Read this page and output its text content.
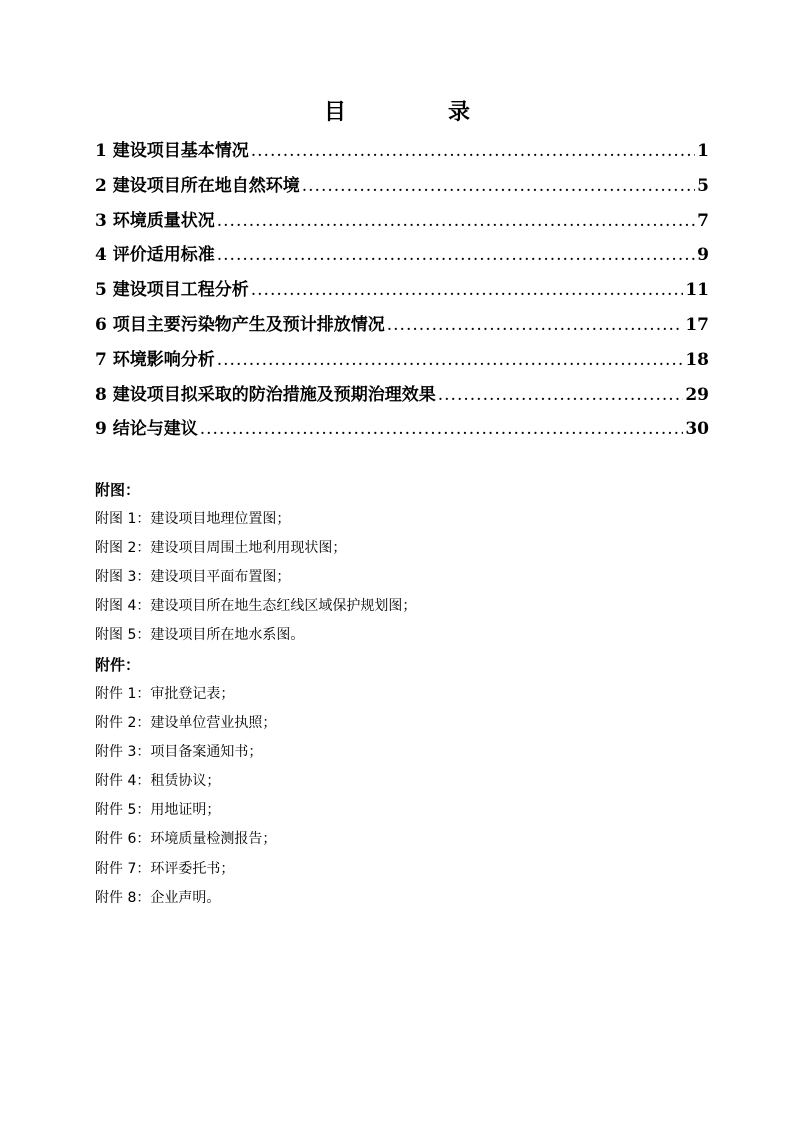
目　录
1 建设项目基本情况 .....	1
2 建设项目所在地自然环境 .....	5
3 环境质量状况 .....	7
4 评价适用标准 .....	9
5 建设项目工程分析 .....	11
6 项目主要污染物产生及预计排放情况 .....	17
7 环境影响分析 .....	18
8 建设项目拟采取的防治措施及预期治理效果 .....	29
9 结论与建议 .....	30
附图：
附图 1：建设项目地理位置图；
附图 2：建设项目周围土地利用现状图；
附图 3：建设项目平面布置图；
附图 4：建设项目所在地生态红线区域保护规划图；
附图 5：建设项目所在地水系图。
附件：
附件 1：审批登记表；
附件 2：建设单位营业执照；
附件 3：项目备案通知书；
附件 4：租赁协议；
附件 5：用地证明；
附件 6：环境质量检测报告；
附件 7：环评委托书；
附件 8：企业声明。
